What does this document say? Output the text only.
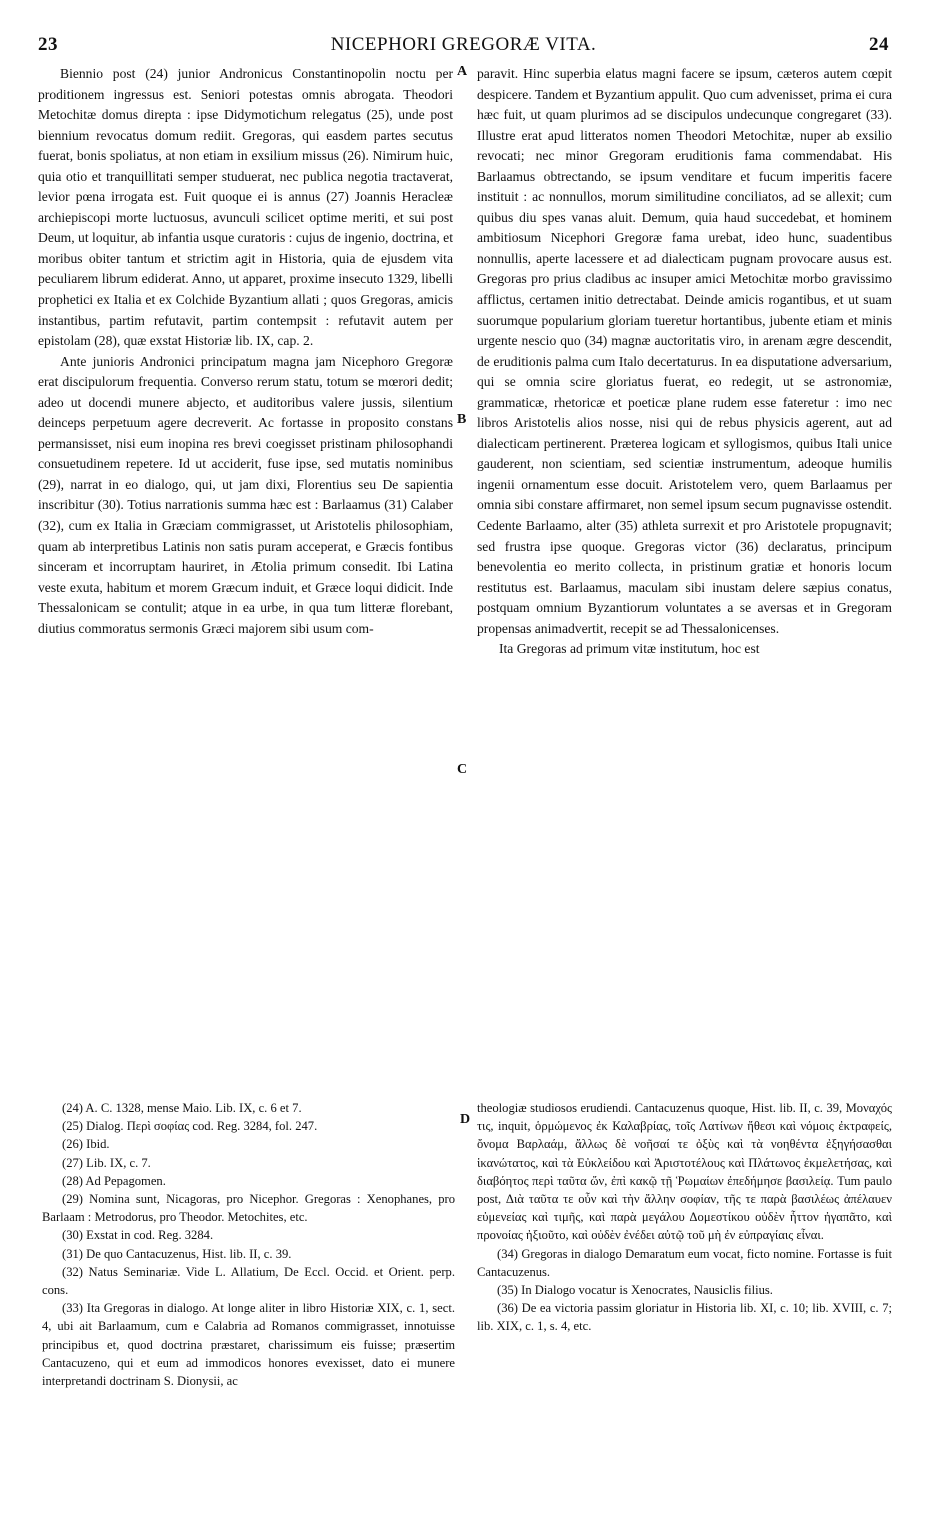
23	NICEPHORI GREGORÆ VITA.	24
A
B
C
D

Biennio post (24) junior Andronicus Constantinopolin noctu per proditionem ingressus est. Seniori potestas omnis abrogata. Theodori Metochitæ domus direpta : ipse Didymotichum relegatus (25), unde post biennium revocatus domum rediit. Gregoras, qui easdem partes secutus fuerat, bonis spoliatus, at non etiam in exsilium missus (26). Nimirum huic, quia otio et tranquillitati semper studuerat, nec publica negotia tractaverat, levior pœna irrogata est. Fuit quoque ei is annus (27) Joannis Heracleæ archiepiscopi morte luctuosus, avunculi scilicet optime meriti, et sui post Deum, ut loquitur, ab infantia usque curatoris : cujus de ingenio, doctrina, et moribus obiter tantum et strictim agit in Historia, quia de ejusdem vita peculiarem librum ediderat. Anno, ut apparet, proxime insecuto 1329, libelli prophetici ex Italia et ex Colchide Byzantium allati ; quos Gregoras, amicis instantibus, partim refutavit, partim contempsit : refutavit autem per epistolam (28), quæ exstat Historiæ lib. IX, cap. 2.

Ante junioris Andronici principatum magna jam Nicephoro Gregoræ erat discipulorum frequentia. Converso rerum statu, totum se mœrori dedit; adeo ut docendi munere abjecto, et auditoribus valere jussis, silentium deinceps perpetuum agere decreverit. Ac fortasse in proposito constans permansisset, nisi eum inopina res brevi coegisset pristinam philosophandi consuetudinem repetere. Id ut acciderit, fuse ipse, sed mutatis nominibus (29), narrat in eo dialogo, qui, ut jam dixi, Florentius seu De sapientia inscribitur (30). Totius narrationis summa hæc est : Barlaamus (31) Calaber (32), cum ex Italia in Græciam commigrasset, ut Aristotelis philosophiam, quam ab interpretibus Latinis non satis puram acceperat, e Græcis fontibus sinceram et incorruptam hauriret, in Ætolia primum consedit. Ibi Latina veste exuta, habitum et morem Græcum induit, et Græce loqui didicit. Inde Thessalonicam se contulit; atque in ea urbe, in qua tum litteræ florebant, diutius commoratus sermonis Græci majorem sibi usum com-

paravit. Hinc superbia elatus magni facere se ipsum, cæteros autem cœpit despicere. Tandem et Byzantium appulit. Quo cum advenisset, prima ei cura hæc fuit, ut quam plurimos ad se discipulos undecunque congregaret (33). Illustre erat apud litteratos nomen Theodori Metochitæ, nuper ab exsilio revocati; nec minor Gregoram eruditionis fama commendabat. His Barlaamus obtrectando, se ipsum venditare et fucum imperitis facere instituit : ac nonnullos, morum similitudine conciliatos, ad se allexit; cum quibus diu spes vanas aluit. Demum, quia haud succedebat, et hominem ambitiosum Nicephori Gregoræ fama urebat, ideo hunc, suadentibus nonnullis, aperte lacessere et ad dialecticam pugnam provocare ausus est. Gregoras pro prius cladibus ac insuper amici Metochitæ morbo gravissimo afflictus, certamen initio detrectabat. Deinde amicis rogantibus, et ut suam suorumque popularium gloriam tueretur hortantibus, jubente etiam et minis urgente nescio quo (34) magnæ auctoritatis viro, in arenam ægre descendit, de eruditionis palma cum Italo decertaturus. In ea disputatione adversarium, qui se omnia scire gloriatus fuerat, eo redegit, ut se astronomiæ, grammaticæ, rhetoricæ et poeticæ plane rudem esse fateretur : imo nec libros Aristotelis alios nosse, nisi qui de rebus physicis agerent, aut ad dialecticam pertinerent. Præterea logicam et syllogismos, quibus Itali unice gauderent, non scientiam, sed scientiæ instrumentum, adeoque humilis ingenii ornamentum esse docuit. Aristotelem vero, quem Barlaamus per omnia sibi constare affirmaret, non semel ipsum secum pugnavisse ostendit. Cedente Barlaamo, alter (35) athleta surrexit et pro Aristotele propugnavit; sed frustra ipse quoque. Gregoras victor (36) declaratus, principum benevolentia eo merito collecta, in pristinum gratiæ et honoris locum restitutus est. Barlaamus, maculam sibi inustam delere sæpius conatus, postquam omnium Byzantiorum voluntates a se aversas et in Gregoram propensas animadvertit, recepit se ad Thessalonicenses.

Ita Gregoras ad primum vitæ institutum, hoc est

(24) A. C. 1328, mense Maio. Lib. IX, c. 6 et 7.

(25) Dialog. Περὶ σοφίας cod. Reg. 3284, fol. 247.

(26) Ibid.

(27) Lib. IX, c. 7.

(28) Ad Pepagomen.

(29) Nomina sunt, Nicagoras, pro Nicephor. Gregoras : Xenophanes, pro Barlaam : Metrodorus, pro Theodor. Metochites, etc.

(30) Exstat in cod. Reg. 3284.

(31) De quo Cantacuzenus, Hist. lib. II, c. 39.

(32) Natus Seminariæ. Vide L. Allatium, De Eccl. Occid. et Orient. perp. cons.

(33) Ita Gregoras in dialogo. At longe aliter in libro Historiæ XIX, c. 1, sect. 4, ubi ait Barlaamum, cum e Calabria ad Romanos commigrasset, innotuisse principibus et, quod doctrina præstaret, charissimum eis fuisse; præsertim Cantacuzeno, qui et eum ad immodicos honores evexisset, dato ei munere interpretandi doctrinam S. Dionysii, ac

theologiæ studiosos erudiendi. Cantacuzenus quoque, Hist. lib. II, c. 39, Μοναχός τις, inquit, ὁρμώμενος ἐκ Καλαβρίας, τοῖς Λατίνων ἤθεσι καὶ νόμοις ἐκτραφείς, ὄνομα Βαρλαάμ, ἄλλως δὲ νοῆσαί τε ὀξὺς καὶ τὰ νοηθέντα ἐξηγήσασθαι ἱκανώτατος, καὶ τὰ Εὐκλείδου καὶ Ἀριστοτέλους καὶ Πλάτωνος ἐκμελετήσας, καὶ διαβόητος περὶ ταῦτα ὤν, ἐπὶ κακῷ τῇ Ῥωμαίων ἐπεδήμησε βασιλείᾳ. Tum paulo post, Διὰ ταῦτα τε οὖν καὶ τὴν ἄλλην σοφίαν, τῆς τε παρὰ βασιλέως ἀπέλαυεν εὐμενείας καὶ τιμῆς, καὶ παρὰ μεγάλου Δομεστίκου οὐδὲν ἧττον ἠγαπᾶτο, καὶ προνοίας ἠξιοῦτο, καὶ οὐδὲν ἐνέδει αὐτῷ τοῦ μὴ ἐν εὐπραγίαις εἶναι.

(34) Gregoras in dialogo Demaratum eum vocat, ficto nomine. Fortasse is fuit Cantacuzenus.

(35) In Dialogo vocatur is Xenocrates, Nausiclis filius.

(36) De ea victoria passim gloriatur in Historia lib. XI, c. 10; lib. XVIII, c. 7; lib. XIX, c. 1, s. 4, etc.
